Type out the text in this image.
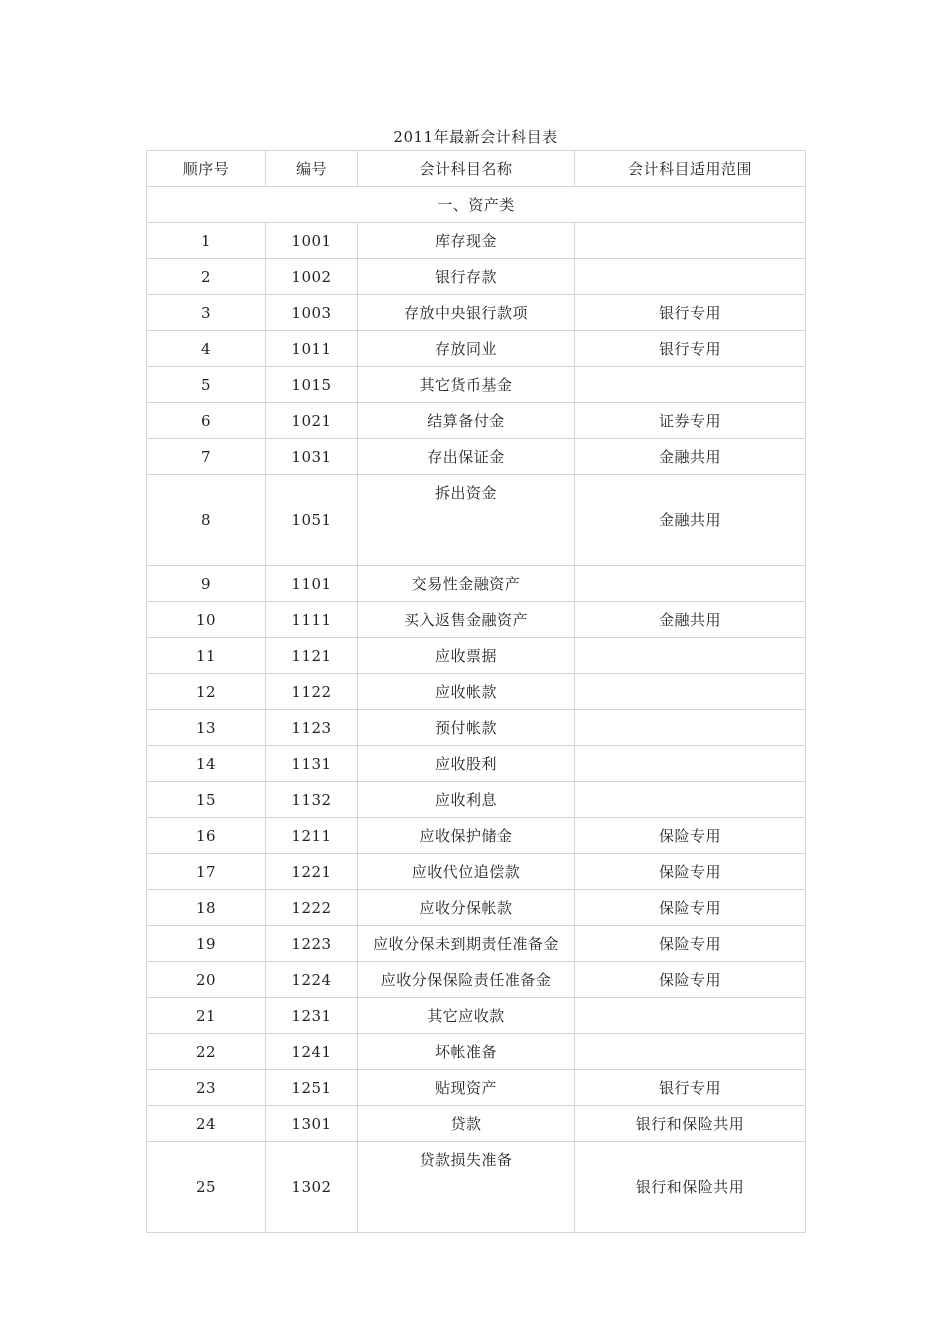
2011年最新会计科目表
顺序号	编号	会计科目名称	会计科目适用范围
一、资产类			
1	1001	库存现金	
2	1002	银行存款	
3	1003	存放中央银行款项	银行专用
4	1011	存放同业	银行专用
5	1015	其它货币基金	
6	1021	结算备付金	证券专用
7	1031	存出保证金	金融共用
8	1051	拆出资金	金融共用
9	1101	交易性金融资产	
10	1111	买入返售金融资产	金融共用
11	1121	应收票据	
12	1122	应收帐款	
13	1123	预付帐款	
14	1131	应收股利	
15	1132	应收利息	
16	1211	应收保护储金	保险专用
17	1221	应收代位追偿款	保险专用
18	1222	应收分保帐款	保险专用
19	1223	应收分保未到期责任准备金	保险专用
20	1224	应收分保保险责任准备金	保险专用
21	1231	其它应收款	
22	1241	坏帐准备	
23	1251	贴现资产	银行专用
24	1301	贷款	银行和保险共用
25	1302	贷款损失准备	银行和保险共用
